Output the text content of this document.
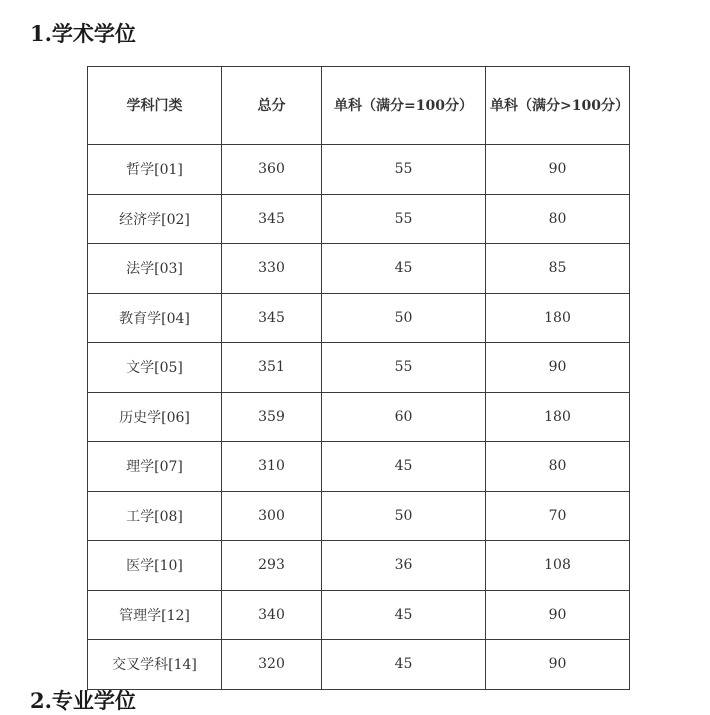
1.学术学位
学科门类	总分	单科（满分=100分）	单科（满分>100分）
哲学[01]	360	55	90
经济学[02]	345	55	80
法学[03]	330	45	85
教育学[04]	345	50	180
文学[05]	351	55	90
历史学[06]	359	60	180
理学[07]	310	45	80
工学[08]	300	50	70
医学[10]	293	36	108
管理学[12]	340	45	90
交叉学科[14]	320	45	90
2.专业学位
